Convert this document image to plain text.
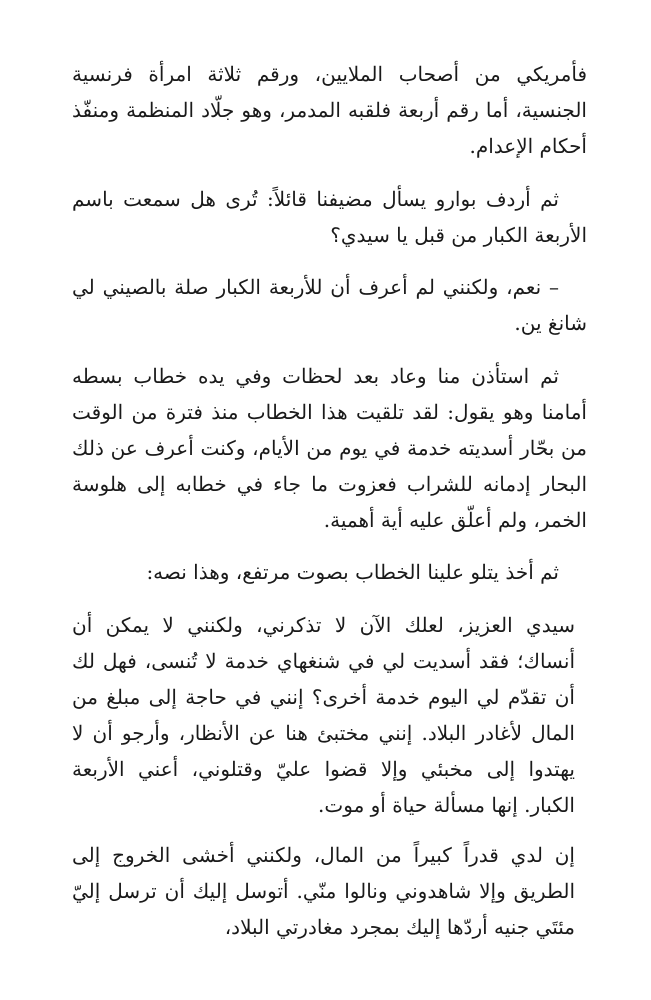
فأمريكي من أصحاب الملايين، ورقم ثلاثة امرأة فرنسية الجنسية، أما رقم أربعة فلقبه المدمر، وهو جلّاد المنظمة ومنفّذ أحكام الإعدام.

ثم أردف بوارو يسأل مضيفنا قائلاً: تُرى هل سمعت باسم الأربعة الكبار من قبل يا سيدي؟

– نعم، ولكنني لم أعرف أن للأربعة الكبار صلة بالصيني لي شانغ ين.

ثم استأذن منا وعاد بعد لحظات وفي يده خطاب بسطه أمامنا وهو يقول: لقد تلقيت هذا الخطاب منذ فترة من الوقت من بحّار أسديته خدمة في يوم من الأيام، وكنت أعرف عن ذلك البحار إدمانه للشراب فعزوت ما جاء في خطابه إلى هلوسة الخمر، ولم أعلّق عليه أية أهمية.

ثم أخذ يتلو علينا الخطاب بصوت مرتفع، وهذا نصه:

سيدي العزيز، لعلك الآن لا تذكرني، ولكنني لا يمكن أن أنساك؛ فقد أسديت لي في شنغهاي خدمة لا تُنسى، فهل لك أن تقدّم لي اليوم خدمة أخرى؟ إنني في حاجة إلى مبلغ من المال لأغادر البلاد. إنني مختبئ هنا عن الأنظار، وأرجو أن لا يهتدوا إلى مخبئي وإلا قضوا عليّ وقتلوني، أعني الأربعة الكبار. إنها مسألة حياة أو موت.

إن لدي قدراً كبيراً من المال، ولكنني أخشى الخروج إلى الطريق وإلا شاهدوني ونالوا منّي. أتوسل إليك أن ترسل إليّ مئتَي جنيه أردّها إليك بمجرد مغادرتي البلاد،
